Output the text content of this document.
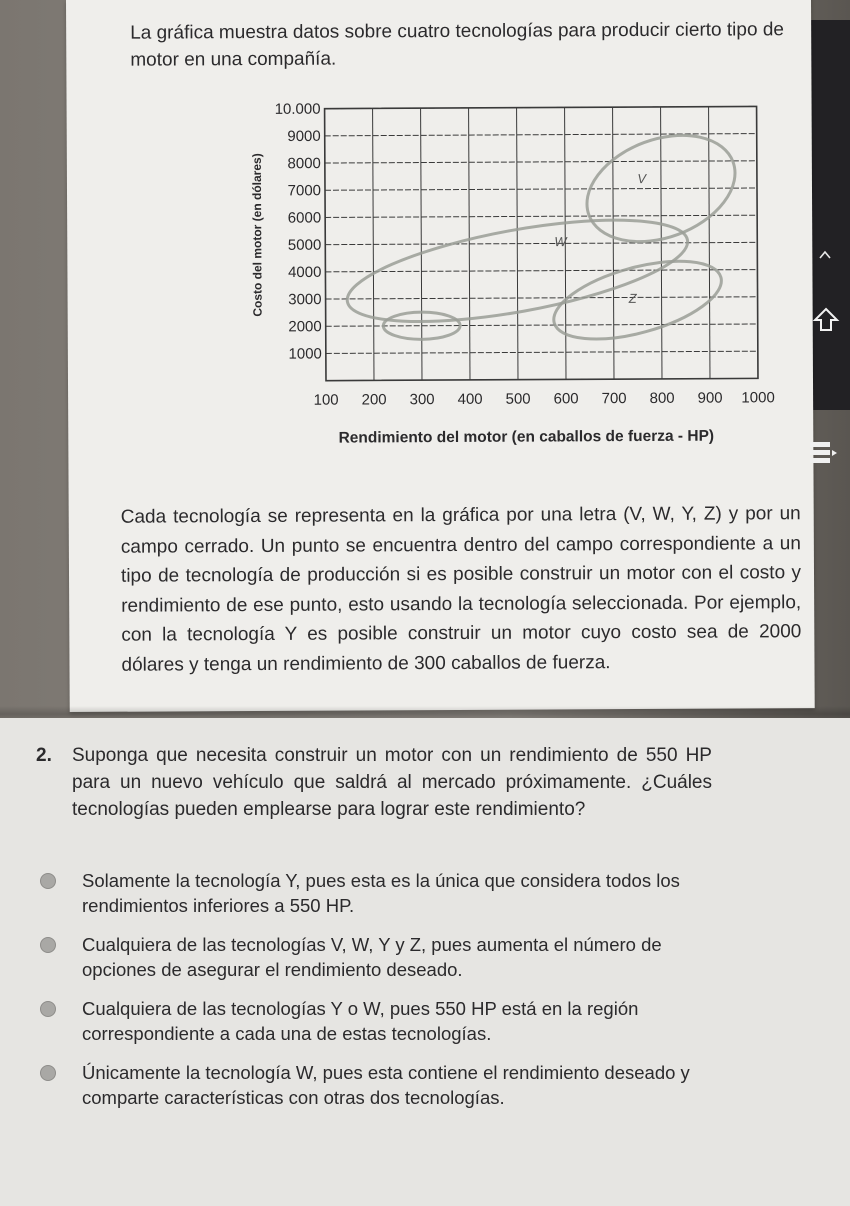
La gráfica muestra datos sobre cuatro tecnologías para producir cierto tipo de motor en una compañía.

100 200 300 400 500 600 700 800 900 1000
1000
2000
3000
4000
5000
6000
7000
8000
9000
10.000
Costo del motor (en dólares)
Rendimiento del motor (en caballos de fuerza - HP)
V
W
Z

Cada tecnología se representa en la gráfica por una letra (V, W, Y, Z) y por un campo cerrado. Un punto se encuentra dentro del campo correspondiente a un tipo de tecnología de producción si es posible construir un motor con el costo y rendimiento de ese punto, esto usando la tecnología seleccionada. Por ejemplo, con la tecnología Y es posible construir un motor cuyo costo sea de 2000 dólares y tenga un rendimiento de 300 caballos de fuerza.

2. Suponga que necesita construir un motor con un rendimiento de 550 HP para un nuevo vehículo que saldrá al mercado próximamente. ¿Cuáles tecnologías pueden emplearse para lograr este rendimiento?
Solamente la tecnología Y, pues esta es la única que considera todos los rendimientos inferiores a 550 HP.
Cualquiera de las tecnologías V, W, Y y Z, pues aumenta el número de opciones de asegurar el rendimiento deseado.
Cualquiera de las tecnologías Y o W, pues 550 HP está en la región correspondiente a cada una de estas tecnologías.
Únicamente la tecnología W, pues esta contiene el rendimiento deseado y comparte características con otras dos tecnologías.
